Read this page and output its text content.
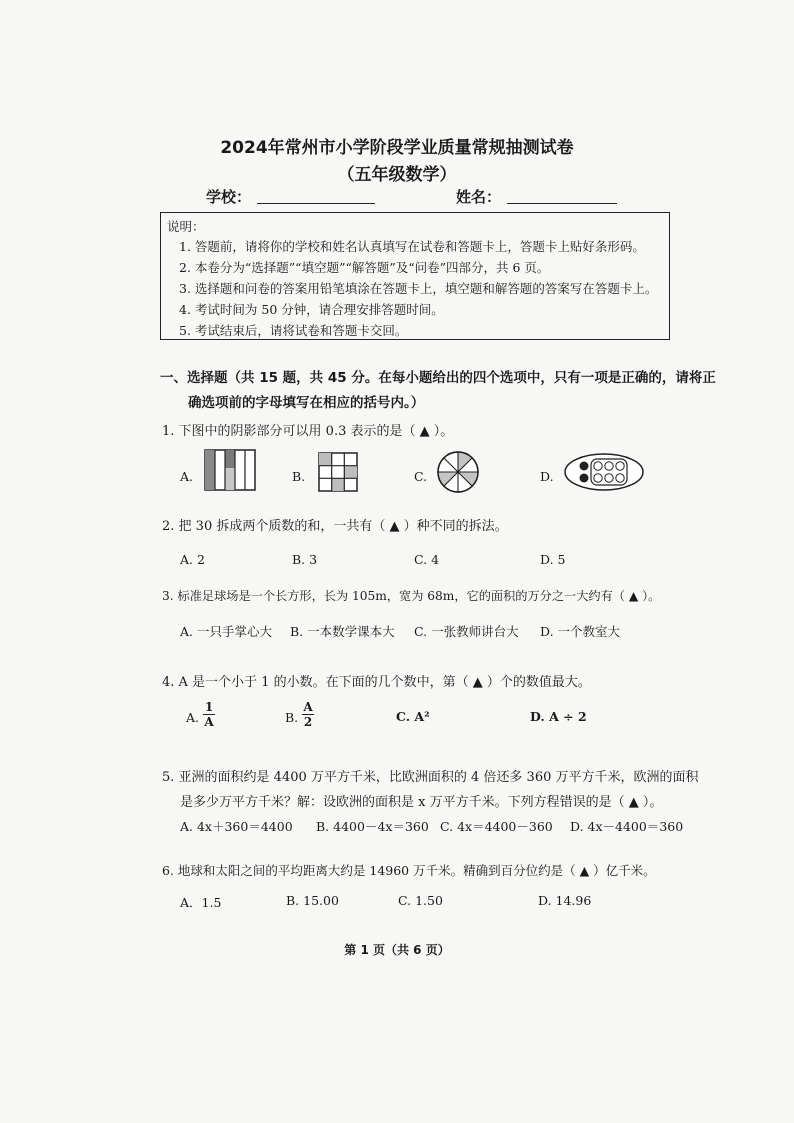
2024年常州市小学阶段学业质量常规抽测试卷
（五年级数学）
学校：	姓名：
说明：
1. 答题前，请将你的学校和姓名认真填写在试卷和答题卡上，答题卡上贴好条形码。
2. 本卷分为“选择题”“填空题”“解答题”及“问卷”四部分，共 6 页。
3. 选择题和问卷的答案用铅笔填涂在答题卡上，填空题和解答题的答案写在答题卡上。
4. 考试时间为 50 分钟，请合理安排答题时间。
5. 考试结束后，请将试卷和答题卡交回。
一、选择题（共 15 题，共 45 分。在每小题给出的四个选项中，只有一项是正确的，请将正
确选项前的字母填写在相应的括号内。）
1. 下图中的阴影部分可以用 0.3 表示的是（ ▲ ）。
A.	B.	C.	D.
2. 把 30 拆成两个质数的和，一共有（ ▲ ）种不同的拆法。
A. 2	B. 3	C. 4	D. 5
3. 标准足球场是一个长方形，长为 105m，宽为 68m，它的面积的万分之一大约有（ ▲ ）。
A. 一只手掌心大 B. 一本数学课本大 C. 一张教师讲台大 D. 一个教室大
4. A 是一个小于 1 的小数。在下面的几个数中，第（ ▲ ）个的数值最大。
A. $\frac{1}{A}$	B. $\frac{A}{2}$	C. A²	D. A ÷ 2
5. 亚洲的面积约是 4400 万平方千米，比欧洲面积的 4 倍还多 360 万平方千米，欧洲的面积
是多少万平方千米？解：设欧洲的面积是 x 万平方千米。下列方程错误的是（ ▲ ）。
A. 4x＋360＝4400 B. 4400－4x＝360 C. 4x＝4400－360 D. 4x－4400＝360
6. 地球和太阳之间的平均距离大约是 14960 万千米。精确到百分位约是（ ▲ ）亿千米。
A．1.5	B. 15.00	C. 1.50	D. 14.96
第 1 页（共 6 页）
